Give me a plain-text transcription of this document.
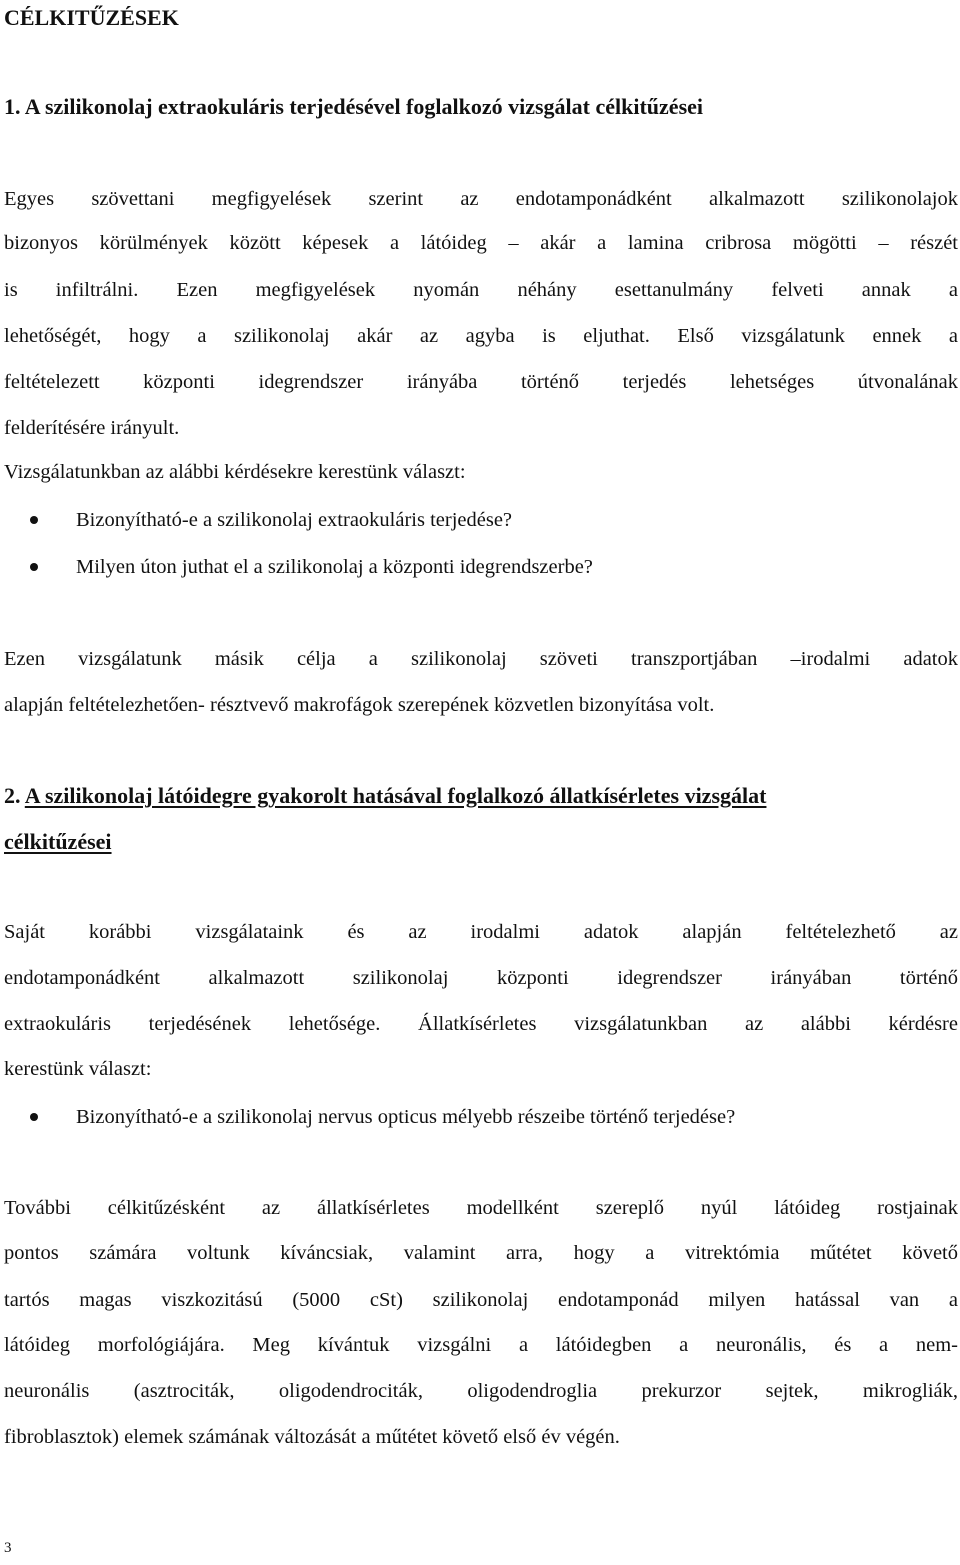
CÉLKITŰZÉSEK
1. A szilikonolaj extraokuláris terjedésével foglalkozó vizsgálat célkitűzései
Egyes szövettani megfigyelések szerint az endotamponádként alkalmazott szilikonolajok
bizonyos körülmények között képesek a látóideg – akár a lamina cribrosa mögötti – részét
is infiltrálni. Ezen megfigyelések nyomán néhány esettanulmány felveti annak a
lehetőségét, hogy a szilikonolaj akár az agyba is eljuthat. Első vizsgálatunk ennek a
feltételezett központi idegrendszer irányába történő terjedés lehetséges útvonalának
felderítésére irányult.
Vizsgálatunkban az alábbi kérdésekre kerestünk választ:
Bizonyítható-e a szilikonolaj extraokuláris terjedése?
Milyen úton juthat el a szilikonolaj a központi idegrendszerbe?
Ezen vizsgálatunk másik célja a szilikonolaj szöveti transzportjában –irodalmi adatok
alapján feltételezhetően- résztvevő makrofágok szerepének közvetlen bizonyítása volt.
2. A szilikonolaj látóidegre gyakorolt hatásával foglalkozó állatkísérletes vizsgálat
célkitűzései
Saját korábbi vizsgálataink és az irodalmi adatok alapján feltételezhető az
endotamponádként alkalmazott szilikonolaj központi idegrendszer irányában történő
extraokuláris terjedésének lehetősége. Állatkísérletes vizsgálatunkban az alábbi kérdésre
kerestünk választ:
Bizonyítható-e a szilikonolaj nervus opticus mélyebb részeibe történő terjedése?
További célkitűzésként az állatkísérletes modellként szereplő nyúl látóideg rostjainak
pontos számára voltunk kíváncsiak, valamint arra, hogy a vitrektómia műtétet követő
tartós magas viszkozitású (5000 cSt) szilikonolaj endotamponád milyen hatással van a
látóideg morfológiájára. Meg kívántuk vizsgálni a látóidegben a neuronális, és a nem-
neuronális (asztrociták, oligodendrociták, oligodendroglia prekurzor sejtek, mikrogliák,
fibroblasztok) elemek számának változását a műtétet követő első év végén.
3
